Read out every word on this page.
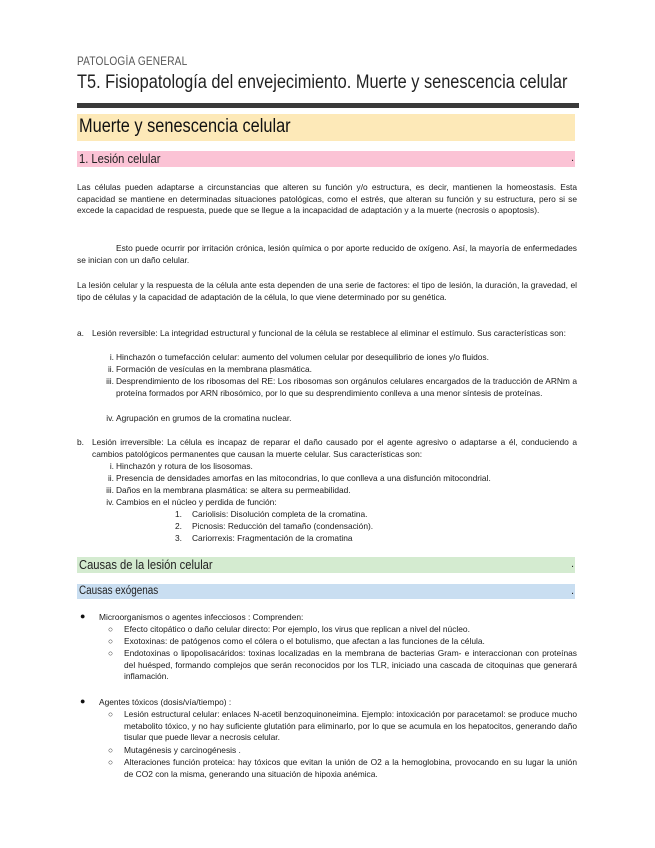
PATOLOGÍA GENERAL
T5. Fisiopatología del envejecimiento. Muerte y senescencia celular
Muerte y senescencia celular
1. Lesión celular	.
Las células pueden adaptarse a circunstancias que alteren su función y/o estructura, es decir, mantienen la homeostasis. Esta capacidad se mantiene en determinadas situaciones patológicas, como el estrés, que alteran su función y su estructura, pero si se excede la capacidad de respuesta, puede que se llegue a la incapacidad de adaptación y a la muerte (necrosis o apoptosis).
Esto puede ocurrir por irritación crónica, lesión química o por aporte reducido de oxígeno. Así, la mayoría de enfermedades se inician con un daño celular.
La lesión celular y la respuesta de la célula ante esta dependen de una serie de factores: el tipo de lesión, la duración, la gravedad, el tipo de células y la capacidad de adaptación de la célula, lo que viene determinado por su genética.
a. Lesión reversible: La integridad estructural y funcional de la célula se restablece al eliminar el estímulo. Sus características son:
i. Hinchazón o tumefacción celular: aumento del volumen celular por desequilibrio de iones y/o fluidos.
ii. Formación de vesículas en la membrana plasmática.
iii. Desprendimiento de los ribosomas del RE: Los ribosomas son orgánulos celulares encargados de la traducción de ARNm a proteína formados por ARN ribosómico, por lo que su desprendimiento conlleva a una menor síntesis de proteínas.
iv. Agrupación en grumos de la cromatina nuclear.
b. Lesión irreversible: La célula es incapaz de reparar el daño causado por el agente agresivo o adaptarse a él, conduciendo a cambios patológicos permanentes que causan la muerte celular. Sus características son:
i. Hinchazón y rotura de los lisosomas.
ii. Presencia de densidades amorfas en las mitocondrias, lo que conlleva a una disfunción mitocondrial.
iii. Daños en la membrana plasmática: se altera su permeabilidad.
iv. Cambios en el núcleo y perdida de función:
1. Cariolisis: Disolución completa de la cromatina.
2. Picnosis: Reducción del tamaño (condensación).
3. Cariorrexis: Fragmentación de la cromatina
Causas de la lesión celular	.
Causas exógenas	.
● Microorganismos o agentes infecciosos : Comprenden:
○ Efecto citopático o daño celular directo: Por ejemplo, los virus que replican a nivel del núcleo.
○ Exotoxinas: de patógenos como el cólera o el botulismo, que afectan a las funciones de la célula.
○ Endotoxinas o lipopolisacáridos: toxinas localizadas en la membrana de bacterias Gram- e interaccionan con proteínas del huésped, formando complejos que serán reconocidos por los TLR, iniciado una cascada de citoquinas que generará inflamación.
● Agentes tóxicos (dosis/vía/tiempo) :
○ Lesión estructural celular: enlaces N-acetil benzoquinoneimina. Ejemplo: intoxicación por paracetamol: se produce mucho metabolito tóxico, y no hay suficiente glutatión para eliminarlo, por lo que se acumula en los hepatocitos, generando daño tisular que puede llevar a necrosis celular.
○ Mutagénesis y carcinogénesis .
○ Alteraciones función proteica: hay tóxicos que evitan la unión de O2 a la hemoglobina, provocando en su lugar la unión de CO2 con la misma, generando una situación de hipoxia anémica.
